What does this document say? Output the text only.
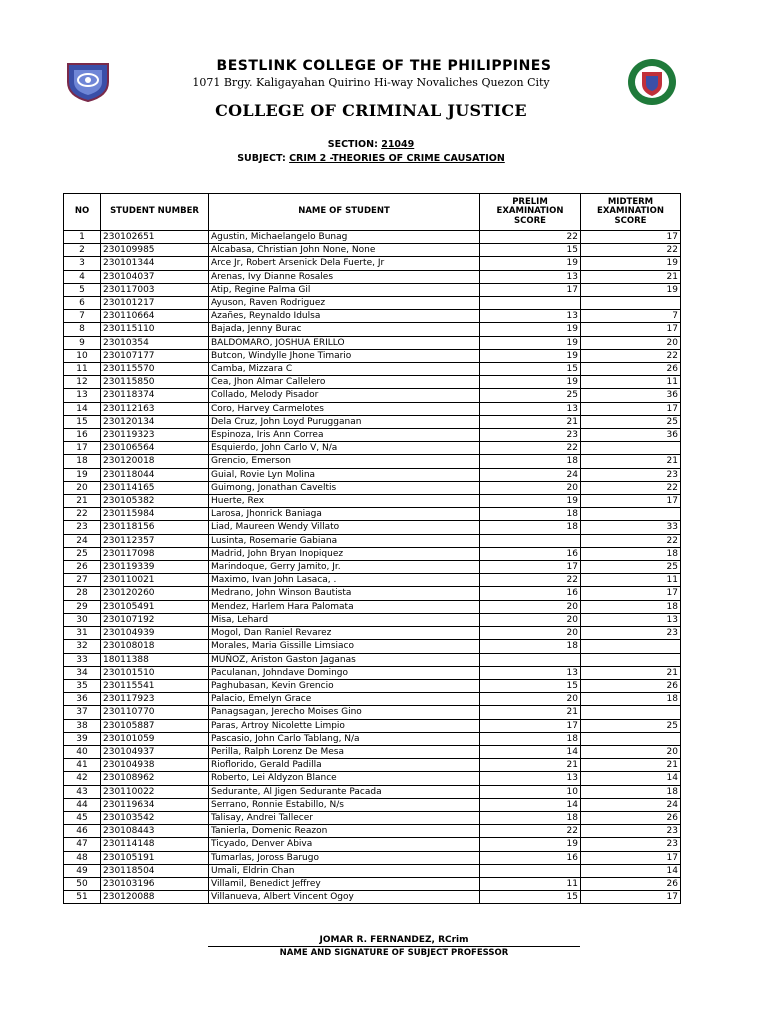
BESTLINK COLLEGE OF THE PHILIPPINES
1071 Brgy. Kaligayahan Quirino Hi-way Novaliches Quezon City
COLLEGE OF CRIMINAL JUSTICE
SECTION: 21049
SUBJECT: CRIM 2 -THEORIES OF CRIME CAUSATION
NO	STUDENT NUMBER	NAME OF STUDENT	PRELIM EXAMINATION SCORE	MIDTERM EXAMINATION SCORE
1	230102651	Agustin, Michaelangelo Bunag	22	17
2	230109985	Alcabasa, Christian John None, None	15	22
3	230101344	Arce Jr, Robert Arsenick Dela Fuerte, Jr	19	19
4	230104037	Arenas, Ivy Dianne Rosales	13	21
5	230117003	Atip, Regine Palma Gil	17	19
6	230101217	Ayuson, Raven Rodriguez		
7	230110664	Azañes, Reynaldo Idulsa	13	7
8	230115110	Bajada, Jenny Burac	19	17
9	23010354	BALDOMARO, JOSHUA ERILLO	19	20
10	230107177	Butcon, Windylle Jhone Timario	19	22
11	230115570	Camba, Mizzara C	15	26
12	230115850	Cea, Jhon Almar Callelero	19	11
13	230118374	Collado, Melody Pisador	25	36
14	230112163	Coro, Harvey Carmelotes	13	17
15	230120134	Dela Cruz, John Loyd Purugganan	21	25
16	230119323	Espinoza, Iris Ann Correa	23	36
17	230106564	Esquierdo, John Carlo V, N/a	22	
18	230120018	Grencio, Emerson	18	21
19	230118044	Guial, Rovie Lyn Molina	24	23
20	230114165	Guimong, Jonathan Caveltis	20	22
21	230105382	Huerte, Rex	19	17
22	230115984	Larosa, Jhonrick Baniaga	18	
23	230118156	Liad, Maureen Wendy Villato	18	33
24	230112357	Lusinta, Rosemarie Gabiana		22
25	230117098	Madrid, John Bryan Inopiquez	16	18
26	230119339	Marindoque, Gerry Jamito, Jr.	17	25
27	230110021	Maximo, Ivan John Lasaca, .	22	11
28	230120260	Medrano, John Winson Bautista	16	17
29	230105491	Mendez, Harlem Hara Palomata	20	18
30	230107192	Misa, Lehard	20	13
31	230104939	Mogol, Dan Raniel Revarez	20	23
32	230108018	Morales, Maria Gissille Limsiaco	18	
33	18011388	MUÑOZ, Ariston Gaston Jaganas		
34	230101510	Paculanan, Johndave Domingo	13	21
35	230115541	Paghubasan, Kevin Grencio	15	26
36	230117923	Palacio, Emelyn Grace	20	18
37	230110770	Panagsagan, Jerecho Moises Gino	21	
38	230105887	Paras, Artroy Nicolette Limpio	17	25
39	230101059	Pascasio, John Carlo Tablang, N/a	18	
40	230104937	Perilla, Ralph Lorenz De Mesa	14	20
41	230104938	Rioflorido, Gerald Padilla	21	21
42	230108962	Roberto, Lei Aldyzon Blance	13	14
43	230110022	Sedurante, Al Jigen Sedurante Pacada	10	18
44	230119634	Serrano, Ronnie Estabillo, N/s	14	24
45	230103542	Talisay, Andrei Tallecer	18	26
46	230108443	Tanierla, Domenic Reazon	22	23
47	230114148	Ticyado, Denver Abiva	19	23
48	230105191	Tumarlas, Joross Barugo	16	17
49	230118504	Umali, Eldrin Chan		14
50	230103196	Villamil, Benedict Jeffrey	11	26
51	230120088	Villanueva, Albert Vincent Ogoy	15	17
JOMAR R. FERNANDEZ, RCrim
NAME AND SIGNATURE OF SUBJECT PROFESSOR
